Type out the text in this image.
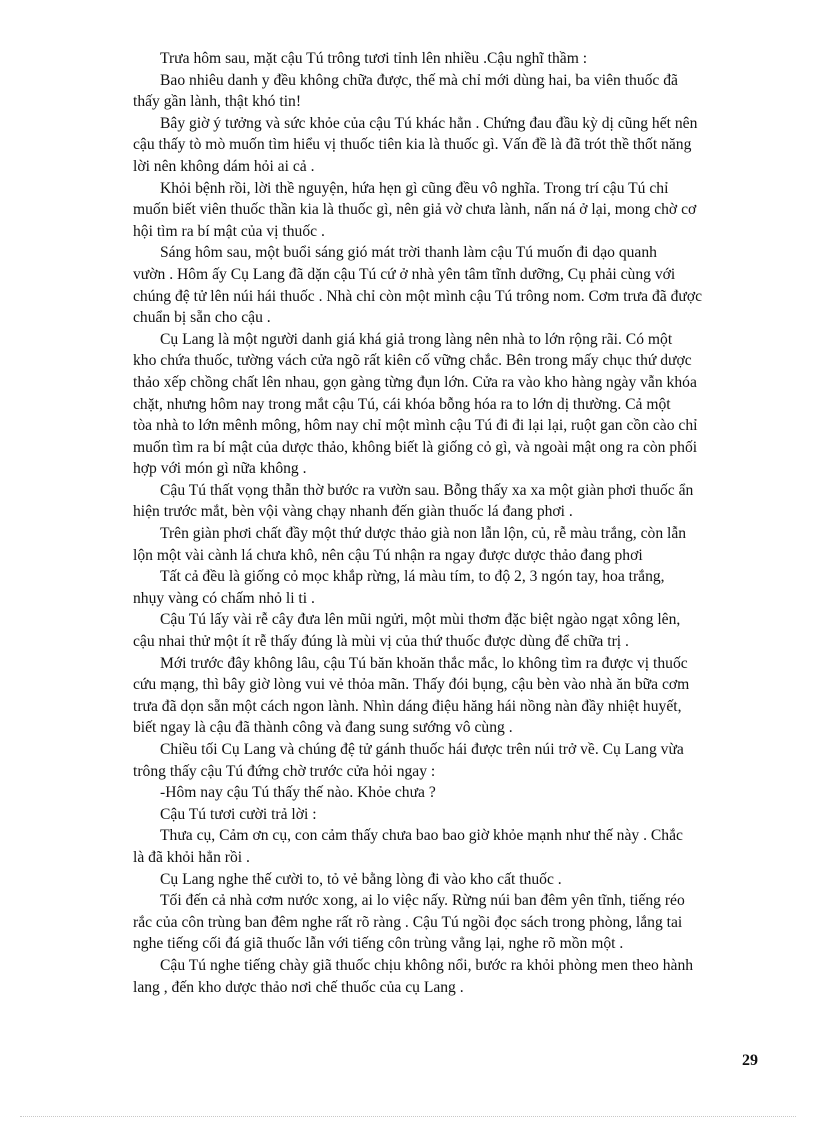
Trưa hôm sau, mặt cậu Tú trông tươi tỉnh lên nhiều .Cậu nghĩ thầm :

Bao nhiêu danh y đều không chữa được, thế mà chỉ mới dùng hai, ba viên thuốc đã
thấy gần lành, thật khó tin!

Bây giờ ý tưởng và sức khỏe của cậu Tú khác hẳn . Chứng đau đầu kỳ dị cũng hết nên
cậu thấy tò mò muốn tìm hiểu vị thuốc tiên kia là thuốc gì. Vấn đề là đã trót thề thốt năng
lời nên không dám hỏi ai cả .

Khỏi bệnh rồi, lời thề nguyện, hứa hẹn gì cũng đều vô nghĩa. Trong trí cậu Tú chỉ
muốn biết viên thuốc thần kia là thuốc gì, nên giả vờ chưa lành, nấn ná ở lại, mong chờ cơ
hội tìm ra bí mật của vị thuốc .

Sáng hôm sau, một buổi sáng gió mát trời thanh làm cậu Tú muốn đi dạo quanh
vườn . Hôm ấy Cụ Lang đã dặn cậu Tú cứ ở nhà yên tâm tĩnh dưỡng, Cụ phải cùng với
chúng đệ tử lên núi hái thuốc . Nhà chỉ còn một mình cậu Tú trông nom. Cơm trưa đã được
chuẩn bị sẵn cho cậu .

Cụ Lang là một người danh giá khá giả trong làng nên nhà to lớn rộng rãi. Có một
kho chứa thuốc, tường vách cửa ngõ rất kiên cố vững chắc. Bên trong mấy chục thứ dược
thảo xếp chồng chất lên nhau, gọn gàng từng đụn lớn. Cửa ra vào kho hàng ngày vẫn khóa
chặt, nhưng hôm nay trong mắt cậu Tú, cái khóa bỗng hóa ra to lớn dị thường. Cả một
tòa nhà to lớn mênh mông, hôm nay chỉ một mình cậu Tú đi đi lại lại, ruột gan cồn cào chỉ
muốn tìm ra bí mật của dược thảo, không biết là giống cỏ gì, và ngoài mật ong ra còn phối
hợp với món gì nữa không .

Cậu Tú thất vọng thẫn thờ bước ra vườn sau. Bỗng thấy xa xa một giàn phơi thuốc ẩn
hiện trước mắt, bèn vội vàng chạy nhanh đến giàn thuốc lá đang phơi .

Trên giàn phơi chất đầy một thứ dược thảo già non lẫn lộn, củ, rễ màu trắng, còn lẫn
lộn một vài cành lá chưa khô, nên cậu Tú nhận ra ngay được dược thảo đang phơi

Tất cả đều là giống cỏ mọc khắp rừng, lá màu tím, to độ 2, 3 ngón tay, hoa trắng,
nhụy vàng có chấm nhỏ li ti .

Cậu Tú lấy vài rễ cây đưa lên mũi ngửi, một mùi thơm đặc biệt ngào ngạt xông lên,
cậu nhai thử một ít rễ thấy đúng là mùi vị của thứ thuốc được dùng để chữa trị .

Mới trước đây không lâu, cậu Tú băn khoăn thắc mắc, lo không tìm ra được vị thuốc
cứu mạng, thì bây giờ lòng vui vẻ thỏa mãn. Thấy đói bụng, cậu bèn vào nhà ăn bữa cơm
trưa đã dọn sẵn một cách ngon lành. Nhìn dáng điệu hăng hái nồng nàn đầy nhiệt huyết,
biết ngay là cậu đã thành công và đang sung sướng vô cùng .

Chiều tối Cụ Lang và chúng đệ tử gánh thuốc hái được trên núi trở về. Cụ Lang vừa
trông thấy cậu Tú đứng chờ trước cửa hỏi ngay :

-Hôm nay cậu Tú thấy thế nào. Khỏe chưa ?

Cậu Tú tươi cười trả lời :

Thưa cụ, Cảm ơn cụ, con cảm thấy chưa bao bao giờ khỏe mạnh như thế này . Chắc
là đã khỏi hẳn rồi .

Cụ Lang nghe thế cười to, tỏ vẻ bằng lòng đi vào kho cất thuốc .

Tối đến cả nhà cơm nước xong, ai lo việc nấy. Rừng núi ban đêm yên tĩnh, tiếng réo
rắc của côn trùng ban đêm nghe rất rõ ràng . Cậu Tú ngồi đọc sách trong phòng, lắng tai
nghe tiếng cối đá giã thuốc lẫn với tiếng côn trùng vẳng lại, nghe rõ mồn một .

Cậu Tú nghe tiếng chày giã thuốc chịu không nổi, bước ra khỏi phòng men theo hành
lang , đến kho dược thảo nơi chế thuốc của cụ Lang .

29
